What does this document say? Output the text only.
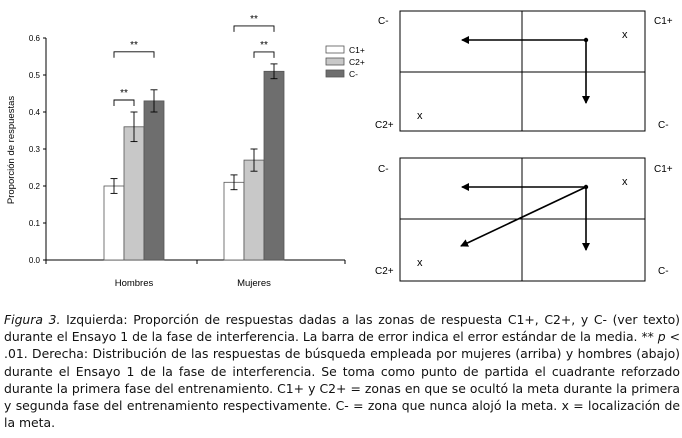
Proporción de respuestas
0.0
0.1
0.2
0.3
0.4
0.5
0.6
Hombres	Mujeres
**
**	**
**
C1+
C2+
C-
C-	C1+
C2+	C-
x
x
C-	C1+
C2+	C-
x
x
Figura 3. Izquierda: Proporción de respuestas dadas a las zonas de respuesta C1+, C2+, y C- (ver texto) durante el Ensayo 1 de la fase de interferencia. La barra de error indica el error estándar de la media. ** p < .01. Derecha: Distribución de las respuestas de búsqueda empleada por mujeres (arriba) y hombres (abajo) durante el Ensayo 1 de la fase de interferencia. Se toma como punto de partida el cuadrante reforzado durante la primera fase del entrenamiento. C1+ y C2+ = zonas en que se ocultó la meta durante la primera y segunda fase del entrenamiento respectivamente. C- = zona que nunca alojó la meta. x = localización de la meta.
